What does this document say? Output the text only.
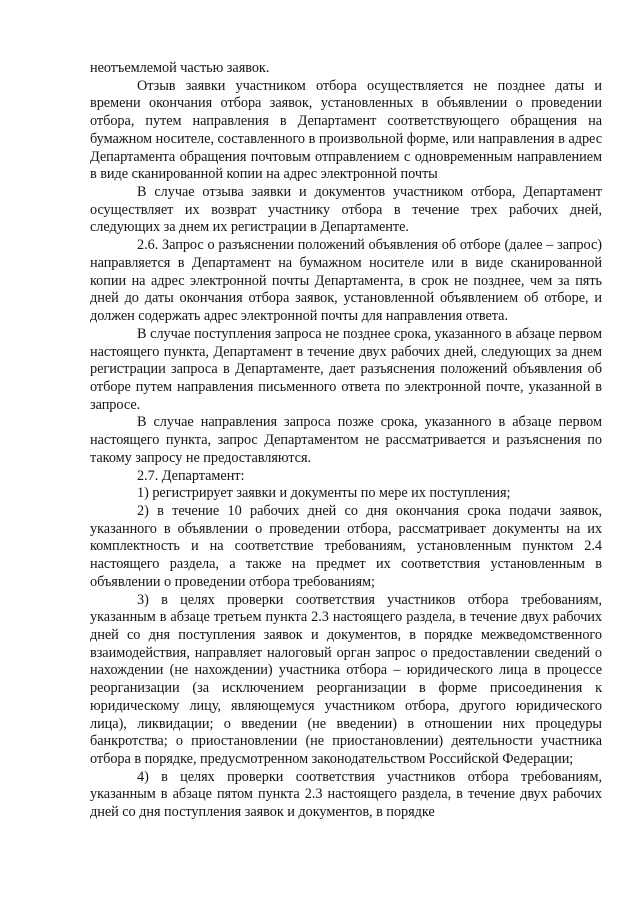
неотъемлемой частью заявок.

Отзыв заявки участником отбора осуществляется не позднее даты и времени окончания отбора заявок, установленных в объявлении о проведении отбора, путем направления в Департамент соответствующего обращения на бумажном носителе, составленного в произвольной форме, или направления в адрес Департамента обращения почтовым отправлением с одновременным направлением в виде сканированной копии на адрес электронной почты

В случае отзыва заявки и документов участником отбора, Департамент осуществляет их возврат участнику отбора в течение трех рабочих дней, следующих за днем их регистрации в Департаменте.

2.6. Запрос о разъяснении положений объявления об отборе (далее – запрос) направляется в Департамент на бумажном носителе или в виде сканированной копии на адрес электронной почты Департамента, в срок не позднее, чем за пять дней до даты окончания отбора заявок, установленной объявлением об отборе, и должен содержать адрес электронной почты для направления ответа.

В случае поступления запроса не позднее срока, указанного в абзаце первом настоящего пункта, Департамент в течение двух рабочих дней, следующих за днем регистрации запроса в Департаменте, дает разъяснения положений объявления об отборе путем направления письменного ответа по электронной почте, указанной в запросе.

В случае направления запроса позже срока, указанного в абзаце первом настоящего пункта, запрос Департаментом не рассматривается и разъяснения по такому запросу не предоставляются.

2.7. Департамент:

1) регистрирует заявки и документы по мере их поступления;

2) в течение 10 рабочих дней со дня окончания срока подачи заявок, указанного в объявлении о проведении отбора, рассматривает документы на их комплектность и на соответствие требованиям, установленным пунктом 2.4 настоящего раздела, а также на предмет их соответствия установленным в объявлении о проведении отбора требованиям;

3) в целях проверки соответствия участников отбора требованиям, указанным в абзаце третьем пункта 2.3 настоящего раздела, в течение двух рабочих дней со дня поступления заявок и документов, в порядке межведомственного взаимодействия, направляет налоговый орган запрос о предоставлении сведений о нахождении (не нахождении) участника отбора – юридического лица в процессе реорганизации (за исключением реорганизации в форме присоединения к юридическому лицу, являющемуся участником отбора, другого юридического лица), ликвидации; о введении (не введении) в отношении них процедуры банкротства; о приостановлении (не приостановлении) деятельности участника отбора в порядке, предусмотренном законодательством Российской Федерации;

4) в целях проверки соответствия участников отбора требованиям, указанным в абзаце пятом пункта 2.3 настоящего раздела, в течение двух рабочих дней со дня поступления заявок и документов, в порядке
